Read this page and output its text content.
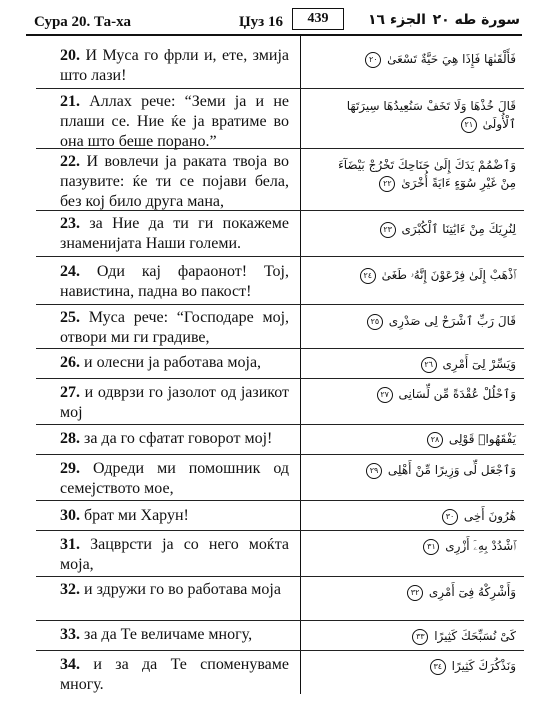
Сура 20. Та-ха	Џуз 16	439	الجزء ١٦ سورة طه ٢٠
20. И Муса го фрли и, ете, змија што лази!
فَأَلْقَىٰهَا فَإِذَا هِيَ حَيَّةٌ تَسْعَىٰ ٢٠
21. Аллах рече: “Земи ја и не плаши се. Ние ќе ја вратиме во она што беше порано.”
قَالَ خُذْهَا وَلَا تَخَفْ سَنُعِيدُهَا سِيرَتَهَا ٱلْأُولَىٰ ٢١
22. И вовлечи ја раката твоја во пазувите: ќе ти се појави бела, без кој било друга мана,
وَٱضْمُمْ يَدَكَ إِلَىٰ جَنَاحِكَ تَخْرُجْ بَيْضَآءَ مِنْ غَيْرِ سُوٓءٍ ءَايَةً أُخْرَىٰ ٢٢
23. за Ние да ти ги покажеме знаменијата Наши големи.
لِنُرِيَكَ مِنْ ءَايَٰتِنَا ٱلْكُبْرَى ٢٣
24. Оди кај фараонот! Тој, навистина, падна во пакост!
ٱذْهَبْ إِلَىٰ فِرْعَوْنَ إِنَّهُۥ طَغَىٰ ٢٤
25. Муса рече: “Господаре мој, отвори ми ги градиве,
قَالَ رَبِّ ٱشْرَحْ لِى صَدْرِى ٢٥
26. и олесни ја работава моја,	وَيَسِّرْ لِىٓ أَمْرِى ٢٦
27. и одврзи го јазолот од јазикот мој
وَٱحْلُلْ عُقْدَةً مِّن لِّسَانِى ٢٧
28. за да го сфатат говорот мој!	يَفْقَهُوا۟ قَوْلِى ٢٨
29. Одреди ми помошник од семејството мое,
وَٱجْعَل لِّى وَزِيرًا مِّنْ أَهْلِى ٢٩
30. брат ми Харун!	هَٰرُونَ أَخِى ٣٠
31. Зацврсти ја со него моќта моја,
ٱشْدُدْ بِهِۦٓ أَزْرِى ٣١
32. и здружи го во работава моја	وَأَشْرِكْهُ فِىٓ أَمْرِى ٣٢
33. за да Те величаме многу,	كَىْ نُسَبِّحَكَ كَثِيرًا ٣٣
34. и за да Те споменуваме многу.
وَنَذْكُرَكَ كَثِيرًا ٣٤
